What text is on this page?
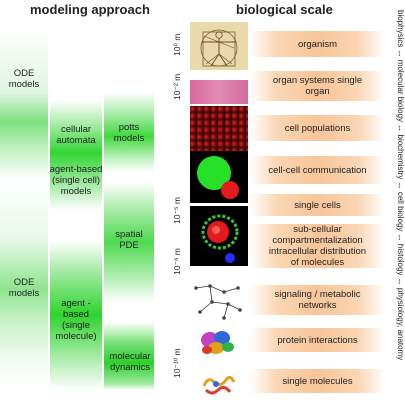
modeling approach	biological scale
ODE models
ODE models
cellular automata
agent-based (single cell) models
agent -based (single molecule)
potts models
spatial PDE
molecular dynamics
10⁰ m
10⁻² m
10⁻⁵ m
10⁻⁶ m
10⁻¹⁰ m
organism
organ systems single organ
cell populations
cell-cell communication
single cells
sub-cellular compartmentalization intracellular distribution of molecules
signaling / metabolic networks
protein interactions
single molecules
biophysics ↔ molecular biology ↔ biochemistry ↔ cell biology ↔ histology ↔ physiology, anatomy
